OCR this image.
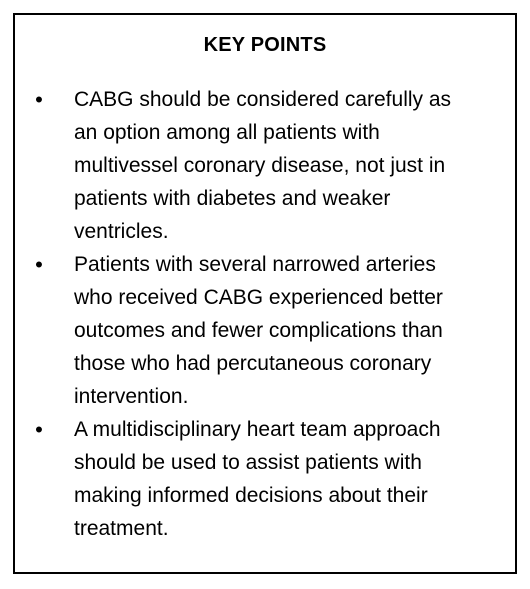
KEY POINTS
• CABG should be considered carefully as
an option among all patients with
multivessel coronary disease, not just in
patients with diabetes and weaker
ventricles.
• Patients with several narrowed arteries
who received CABG experienced better
outcomes and fewer complications than
those who had percutaneous coronary
intervention.
• A multidisciplinary heart team approach
should be used to assist patients with
making informed decisions about their
treatment.
